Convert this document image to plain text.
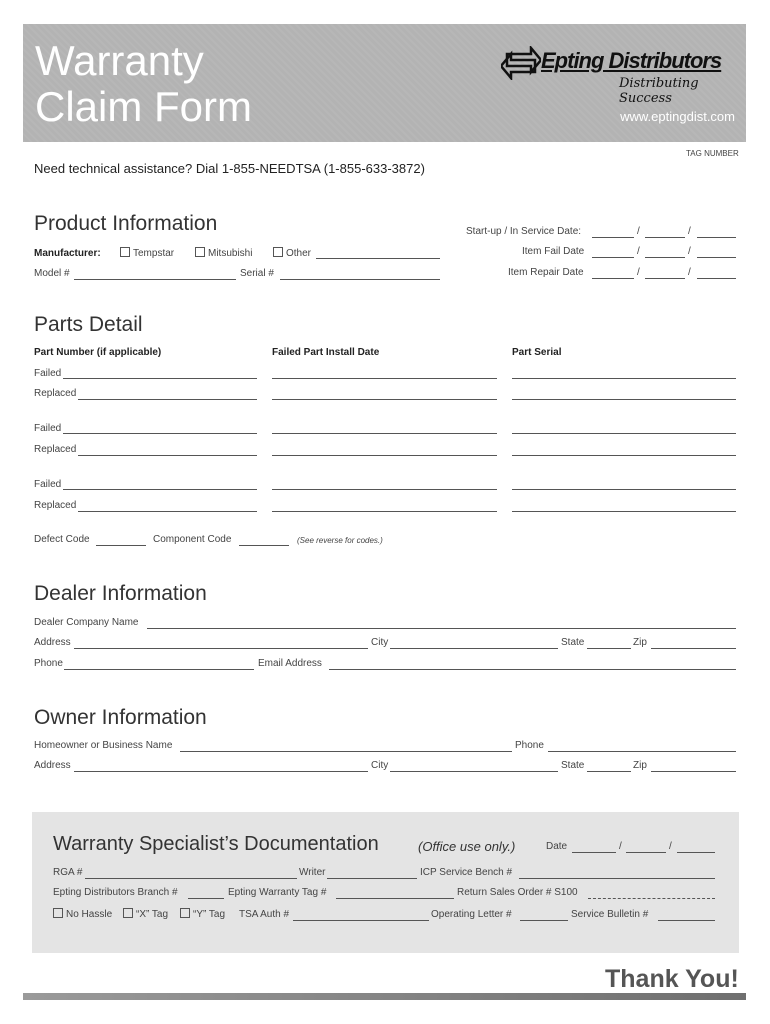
Warranty
Claim Form
Epting Distributors
Distributing Success
www.eptingdist.com
TAG NUMBER
Need technical assistance? Dial 1-855-NEEDTSA (1-855-633-3872)
Product Information
Manufacturer:	Tempstar	Mitsubishi	Other
Model #	Serial #
Start-up / In Service Date:	/	/
Item Fail Date	/	/
Item Repair Date	/	/
Parts Detail
Part Number (if applicable)	Failed Part Install Date	Part Serial
Failed
Replaced
Failed
Replaced
Failed
Replaced
Defect Code	Component Code	(See reverse for codes.)
Dealer Information
Dealer Company Name
Address	City	State	Zip
Phone	Email Address
Owner Information
Homeowner or Business Name	Phone
Address	City	State	Zip
Warranty Specialist’s Documentation	(Office use only.)	Date	/	/
RGA #	Writer	ICP Service Bench #
Epting Distributors Branch #	Epting Warranty Tag #	Return Sales Order # S100
No Hassle	“X” Tag	“Y” Tag TSA Auth #	Operating Letter #	Service Bulletin #
Thank You!
